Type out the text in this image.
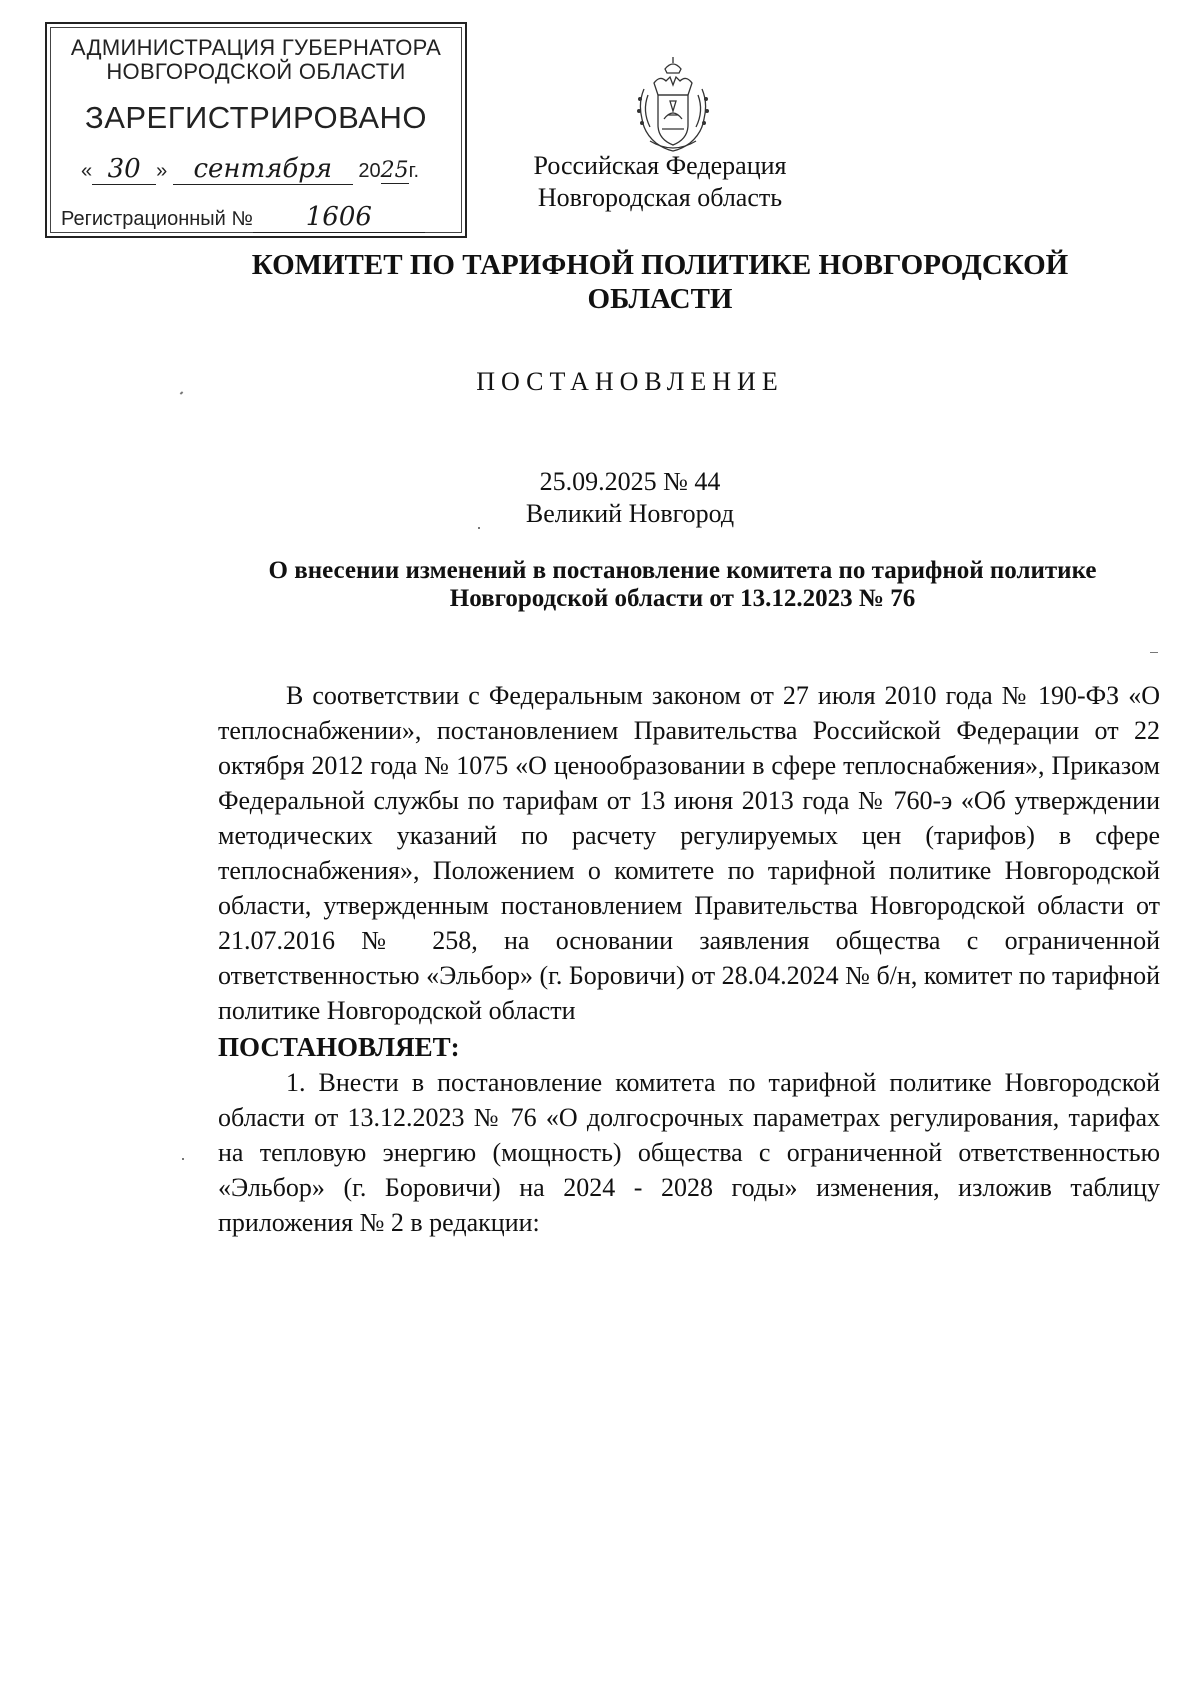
АДМИНИСТРАЦИЯ ГУБЕРНАТОРА
НОВГОРОДСКОЙ ОБЛАСТИ
ЗАРЕГИСТРИРОВАНО
« 30 » сентября 2025г.
Регистрационный № 1606
Российская Федерация
Новгородская область
КОМИТЕТ ПО ТАРИФНОЙ ПОЛИТИКЕ НОВГОРОДСКОЙ ОБЛАСТИ
ПОСТАНОВЛЕНИЕ
25.09.2025 № 44
Великий Новгород
О внесении изменений в постановление комитета по тарифной политике Новгородской области от 13.12.2023 № 76

В соответствии с Федеральным законом от 27 июля 2010 года № 190-ФЗ «О теплоснабжении», постановлением Правительства Российской Федерации от 22 октября 2012 года № 1075 «О ценообразовании в сфере теплоснабжения», Приказом Федеральной службы по тарифам от 13 июня 2013 года № 760-э «Об утверждении методических указаний по расчету регулируемых цен (тарифов) в сфере теплоснабжения», Положением о комитете по тарифной политике Новгородской области, утвержденным постановлением Правительства Новгородской области от 21.07.2016 № 258, на основании заявления общества с ограниченной ответственностью «Эльбор» (г. Боровичи) от 28.04.2024 № б/н, комитет по тарифной политике Новгородской области

ПОСТАНОВЛЯЕТ:

1. Внести в постановление комитета по тарифной политике Новгородской области от 13.12.2023 № 76 «О долгосрочных параметрах регулирования, тарифах на тепловую энергию (мощность) общества с ограниченной ответственностью «Эльбор» (г. Боровичи) на 2024 - 2028 годы» изменения, изложив таблицу приложения № 2 в редакции:
